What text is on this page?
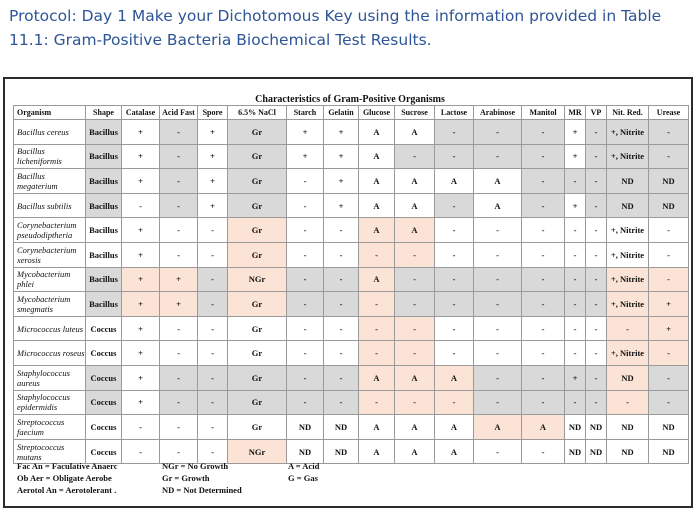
Protocol: Day 1 Make your Dichotomous Key using the information provided in Table 11.1: Gram-Positive Bacteria Biochemical Test Results.
Characteristics of Gram-Positive Organisms
Organism	Shape	Catalase	Acid Fast	Spore	6.5% NaCl	Starch	Gelatin	Glucose	Sucrose	Lactose	Arabinose	Manitol	MR	VP	Nit. Red.	Urease
Bacillus cereus	Bacillus	+	-	+	Gr	+	+	A	A	-	-	-	+	-	+, Nitrite	-
Bacillus licheniformis	Bacillus	+	-	+	Gr	+	+	A	-	-	-	-	+	-	+, Nitrite	-
Bacillus megaterium	Bacillus	+	-	+	Gr	-	+	A	A	A	A	-	-	-	ND	ND
Bacillus subtilis	Bacillus	-	-	+	Gr	-	+	A	A	-	A	-	+	-	ND	ND
Corynebacterium pseudodiptheria	Bacillus	+	-	-	Gr	-	-	A	A	-	-	-	-	-	+, Nitrite	-
Corynebacterium xerosis	Bacillus	+	-	-	Gr	-	-	-	-	-	-	-	-	-	+, Nitrite	-
Mycobacterium phlei	Bacillus	+	+	-	NGr	-	-	A	-	-	-	-	-	-	+, Nitrite	-
Mycobacterium smegmatis	Bacillus	+	+	-	Gr	-	-	-	-	-	-	-	-	-	+, Nitrite	+
Micrococcus luteus	Coccus	+	-	-	Gr	-	-	-	-	-	-	-	-	-	-	+
Micrococcus roseus	Coccus	+	-	-	Gr	-	-	-	-	-	-	-	-	-	+, Nitrite	-
Staphylococcus aureus	Coccus	+	-	-	Gr	-	-	A	A	A	-	-	+	-	ND	-
Staphylococcus epidermidis	Coccus	+	-	-	Gr	-	-	-	-	-	-	-	-	-	-	-
Streptococcus faecium	Coccus	-	-	-	Gr	ND	ND	A	A	A	A	A	ND	ND	ND	ND
Streptococcus mutans	Coccus	-	-	-	NGr	ND	ND	A	A	A	-	-	ND	ND	ND	ND
Fac An = Faculative Anaerc
Ob Aer = Obligate Aerobe
Aerotol An = Aerotolerant .
NGr = No Growth
Gr = Growth
ND = Not Determined
A = Acid
G = Gas
